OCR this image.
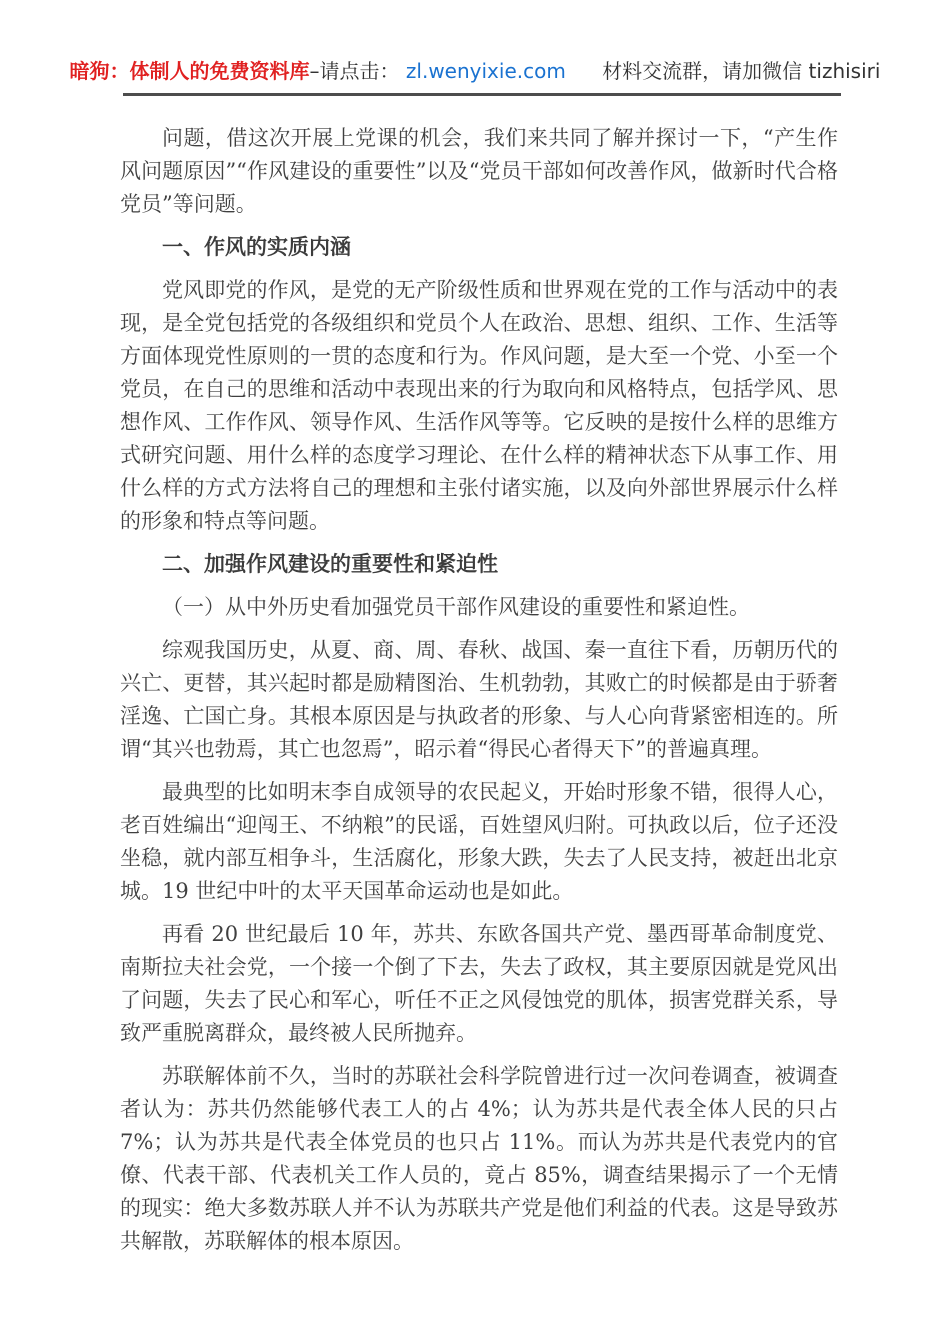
暗狗：体制人的免费资料库–请点击： zl.wenyixie.com 材料交流群，请加微信 tizhisiri

问题，借这次开展上党课的机会，我们来共同了解并探讨一下，“产生作风问题原因”“作风建设的重要性”以及“党员干部如何改善作风，做新时代合格党员”等问题。

一、作风的实质内涵

党风即党的作风，是党的无产阶级性质和世界观在党的工作与活动中的表现，是全党包括党的各级组织和党员个人在政治、思想、组织、工作、生活等方面体现党性原则的一贯的态度和行为。作风问题，是大至一个党、小至一个党员，在自己的思维和活动中表现出来的行为取向和风格特点，包括学风、思想作风、工作作风、领导作风、生活作风等等。它反映的是按什么样的思维方式研究问题、用什么样的态度学习理论、在什么样的精神状态下从事工作、用什么样的方式方法将自己的理想和主张付诸实施，以及向外部世界展示什么样的形象和特点等问题。

二、加强作风建设的重要性和紧迫性

（一）从中外历史看加强党员干部作风建设的重要性和紧迫性。

综观我国历史，从夏、商、周、春秋、战国、秦一直往下看，历朝历代的兴亡、更替，其兴起时都是励精图治、生机勃勃，其败亡的时候都是由于骄奢淫逸、亡国亡身。其根本原因是与执政者的形象、与人心向背紧密相连的。所谓“其兴也勃焉，其亡也忽焉”，昭示着“得民心者得天下”的普遍真理。

最典型的比如明末李自成领导的农民起义，开始时形象不错，很得人心，老百姓编出“迎闯王、不纳粮”的民谣，百姓望风归附。可执政以后，位子还没坐稳，就内部互相争斗，生活腐化，形象大跌，失去了人民支持，被赶出北京城。19 世纪中叶的太平天国革命运动也是如此。

再看 20 世纪最后 10 年，苏共、东欧各国共产党、墨西哥革命制度党、南斯拉夫社会党，一个接一个倒了下去，失去了政权，其主要原因就是党风出了问题，失去了民心和军心，听任不正之风侵蚀党的肌体，损害党群关系，导致严重脱离群众，最终被人民所抛弃。

苏联解体前不久，当时的苏联社会科学院曾进行过一次问卷调查，被调查者认为：苏共仍然能够代表工人的占 4%；认为苏共是代表全体人民的只占 7%；认为苏共是代表全体党员的也只占 11%。而认为苏共是代表党内的官僚、代表干部、代表机关工作人员的，竟占 85%，调查结果揭示了一个无情的现实：绝大多数苏联人并不认为苏联共产党是他们利益的代表。这是导致苏共解散，苏联解体的根本原因。
